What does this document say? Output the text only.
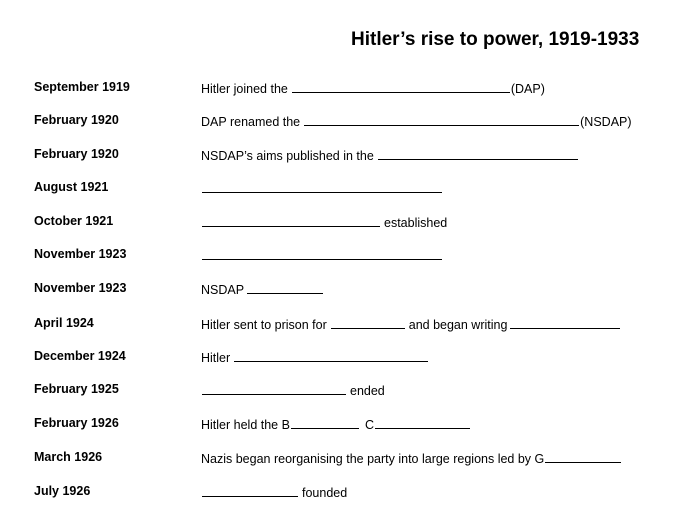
Hitler’s rise to power, 1919-1933
September 1919	Hitler joined the	(DAP)
February 1920	DAP renamed the	(NSDAP)
February 1920	NSDAP’s aims published in the
August 1921
October 1921	established
November 1923
November 1923	NSDAP
April 1924	Hitler sent to prison for	and began writing
December 1924	Hitler
February 1925	ended
February 1926	Hitler held the B	C
March 1926	Nazis began reorganising the party into large regions led by G
July 1926	founded
